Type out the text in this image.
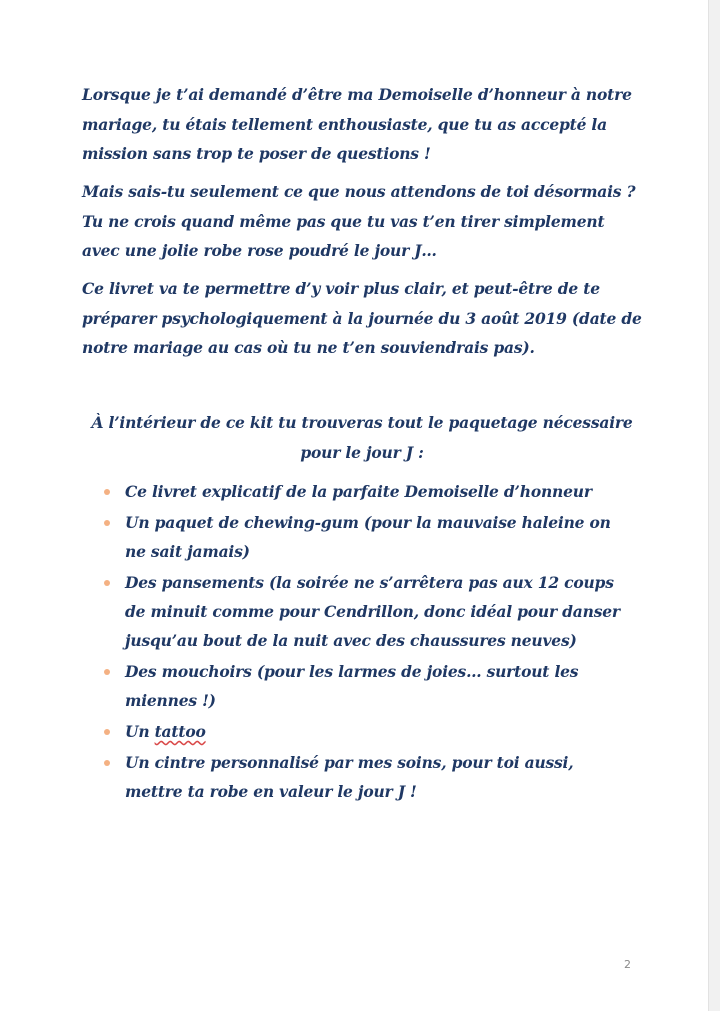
Lorsque je t’ai demandé d’être ma Demoiselle d’honneur à notre mariage, tu étais tellement enthousiaste, que tu as accepté la mission sans trop te poser de questions !

Mais sais-tu seulement ce que nous attendons de toi désormais ? Tu ne crois quand même pas que tu vas t’en tirer simplement avec une jolie robe rose poudré le jour J…

Ce livret va te permettre d’y voir plus clair, et peut-être de te préparer psychologiquement à la journée du 3 août 2019 (date de notre mariage au cas où tu ne t’en souviendrais pas).

À l’intérieur de ce kit tu trouveras tout le paquetage nécessaire pour le jour J :

Ce livret explicatif de la parfaite Demoiselle d’honneur
Un paquet de chewing-gum (pour la mauvaise haleine on ne sait jamais)
Des pansements (la soirée ne s’arrêtera pas aux 12 coups de minuit comme pour Cendrillon, donc idéal pour danser jusqu’au bout de la nuit avec des chaussures neuves)
Des mouchoirs (pour les larmes de joies… surtout les miennes !)
Un tattoo
Un cintre personnalisé par mes soins, pour toi aussi, mettre ta robe en valeur le jour J !
2
